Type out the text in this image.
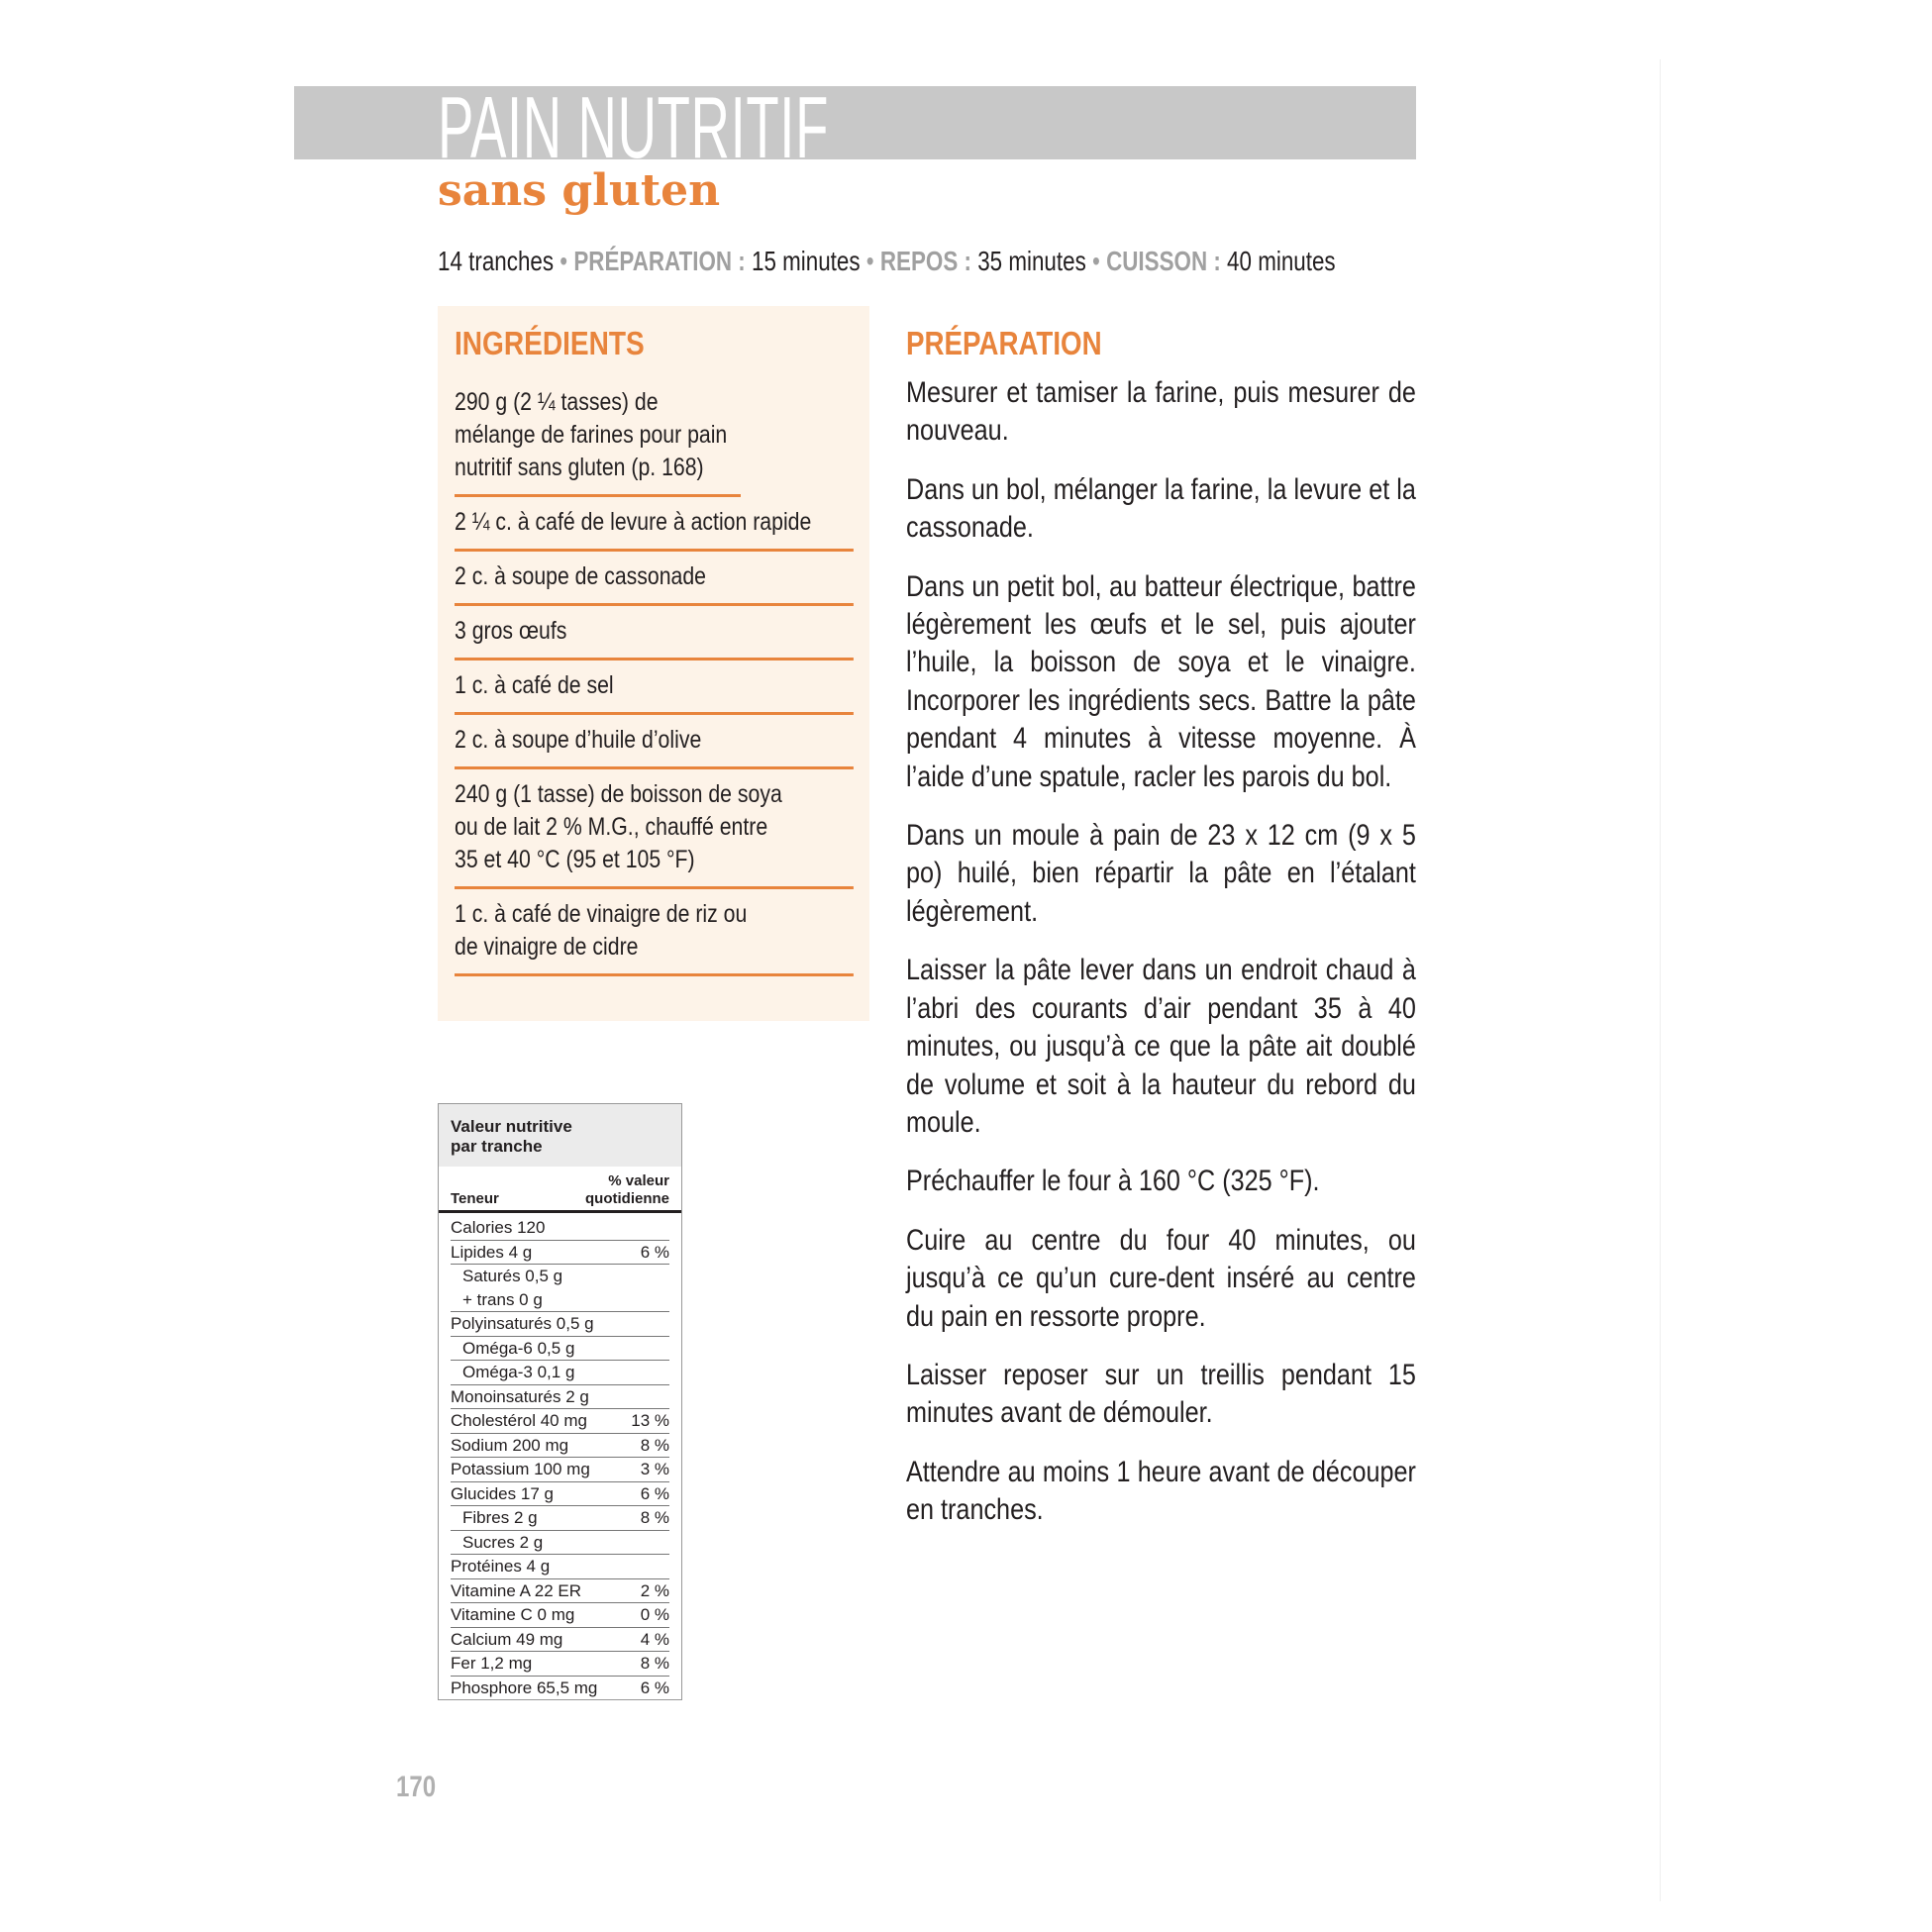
PAIN NUTRITIF
sans gluten
14 tranches • PRÉPARATION : 15 minutes • REPOS : 35 minutes • CUISSON : 40 minutes
INGRÉDIENTS
290 g (2 ¼ tasses) de mélange de farines pour pain nutritif sans gluten (p. 168)
2 ¼ c. à café de levure à action rapide
2 c. à soupe de cassonade
3 gros œufs
1 c. à café de sel
2 c. à soupe d’huile d’olive
240 g (1 tasse) de boisson de soya ou de lait 2 % M.G., chauffé entre 35 et 40 °C (95 et 105 °F)
1 c. à café de vinaigre de riz ou de vinaigre de cidre
PRÉPARATION

Mesurer et tamiser la farine, puis mesurer de nouveau.

Dans un bol, mélanger la farine, la levure et la cassonade.

Dans un petit bol, au batteur électrique, battre légèrement les œufs et le sel, puis ajouter l’huile, la boisson de soya et le vinaigre. Incorporer les ingrédients secs. Battre la pâte pendant 4 minutes à vitesse moyenne. À l’aide d’une spatule, racler les parois du bol.

Dans un moule à pain de 23 x 12 cm (9 x 5 po) huilé, bien répartir la pâte en l’étalant légèrement.

Laisser la pâte lever dans un endroit chaud à l’abri des courants d’air pendant 35 à 40 minutes, ou jusqu’à ce que la pâte ait doublé de volume et soit à la hauteur du rebord du moule.

Préchauffer le four à 160 °C (325 °F).

Cuire au centre du four 40 minutes, ou jusqu’à ce qu’un cure-dent inséré au centre du pain en ressorte propre.

Laisser reposer sur un treillis pendant 15 minutes avant de démouler.

Attendre au moins 1 heure avant de découper en tranches.

Valeur nutritive
par tranche
Teneur
% valeur
quotidienne
Calories 120
Lipides 4 g	6 %
Saturés 0,5 g
+ trans 0 g
Polyinsaturés 0,5 g
Oméga-6 0,5 g
Oméga-3 0,1 g
Monoinsaturés 2 g
Cholestérol 40 mg	13 %
Sodium 200 mg	8 %
Potassium 100 mg	3 %
Glucides 17 g	6 %
Fibres 2 g	8 %
Sucres 2 g
Protéines 4 g
Vitamine A 22 ER	2 %
Vitamine C 0 mg	0 %
Calcium 49 mg	4 %
Fer 1,2 mg	8 %
Phosphore 65,5 mg	6 %
170
